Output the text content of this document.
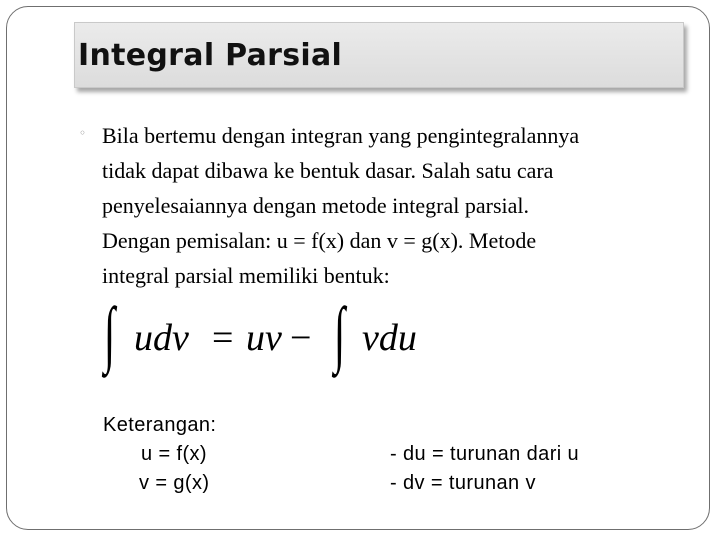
Integral Parsial
◦ Bila bertemu dengan integran yang pengintegralannya

tidak dapat dibawa ke bentuk dasar. Salah satu cara

penyelesaiannya dengan metode integral parsial.

Dengan pemisalan: u = f(x) dan v = g(x). Metode

integral parsial memiliki bentuk:

∫ udv = uv − ∫ vdu
Keterangan:
u = f(x)
v = g(x)
- du = turunan dari u
- dv = turunan v
